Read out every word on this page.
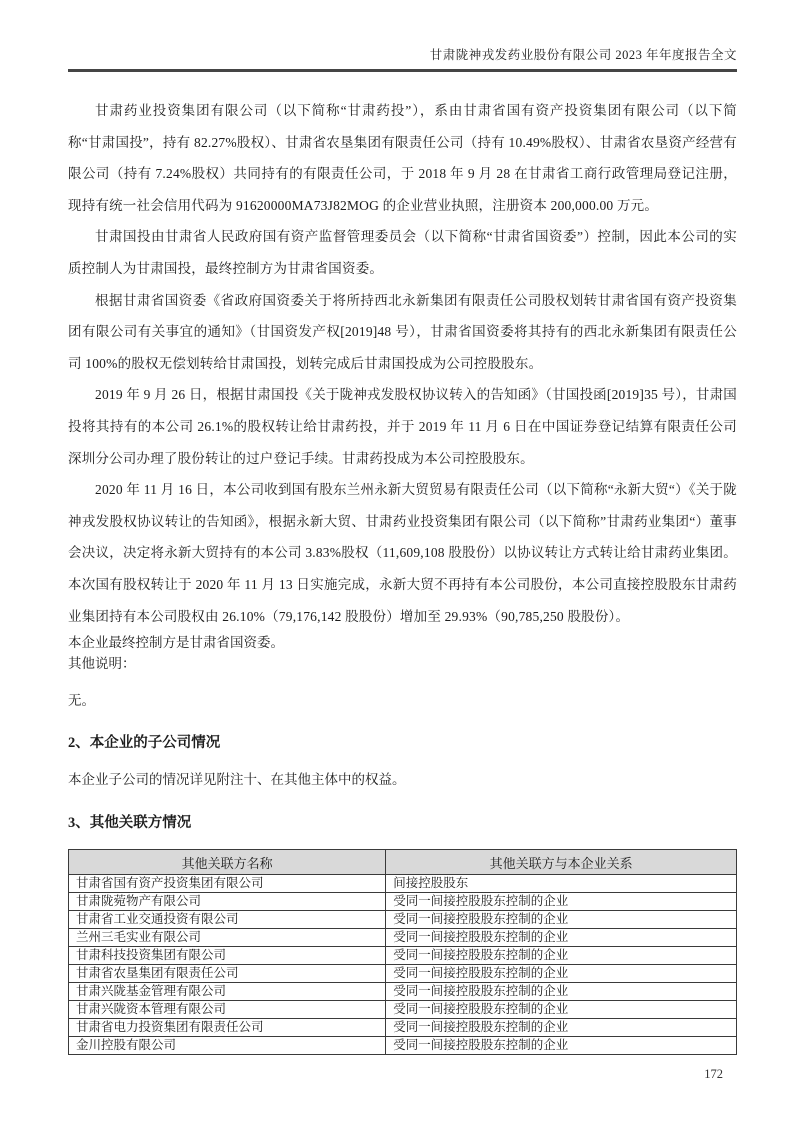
甘肃陇神戎发药业股份有限公司 2023 年年度报告全文

甘肃药业投资集团有限公司（以下简称“甘肃药投”），系由甘肃省国有资产投资集团有限公司（以下简称“甘肃国投”，持有 82.27%股权）、甘肃省农垦集团有限责任公司（持有 10.49%股权）、甘肃省农垦资产经营有限公司（持有 7.24%股权）共同持有的有限责任公司，于 2018 年 9 月 28 在甘肃省工商行政管理局登记注册，现持有统一社会信用代码为 91620000MA73J82MOG 的企业营业执照，注册资本 200,000.00 万元。

甘肃国投由甘肃省人民政府国有资产监督管理委员会（以下简称“甘肃省国资委”）控制，因此本公司的实质控制人为甘肃国投，最终控制方为甘肃省国资委。

根据甘肃省国资委《省政府国资委关于将所持西北永新集团有限责任公司股权划转甘肃省国有资产投资集团有限公司有关事宜的通知》（甘国资发产权[2019]48 号），甘肃省国资委将其持有的西北永新集团有限责任公司 100%的股权无偿划转给甘肃国投，划转完成后甘肃国投成为公司控股股东。

2019 年 9 月 26 日，根据甘肃国投《关于陇神戎发股权协议转入的告知函》（甘国投函[2019]35 号），甘肃国投将其持有的本公司 26.1%的股权转让给甘肃药投，并于 2019 年 11 月 6 日在中国证券登记结算有限责任公司深圳分公司办理了股份转让的过户登记手续。甘肃药投成为本公司控股股东。

2020 年 11 月 16 日，本公司收到国有股东兰州永新大贸贸易有限责任公司（以下简称“永新大贸“）《关于陇神戎发股权协议转让的告知函》，根据永新大贸、甘肃药业投资集团有限公司（以下简称”甘肃药业集团“）董事会决议，决定将永新大贸持有的本公司 3.83%股权（11,609,108 股股份）以协议转让方式转让给甘肃药业集团。本次国有股权转让于 2020 年 11 月 13 日实施完成，永新大贸不再持有本公司股份，本公司直接控股股东甘肃药业集团持有本公司股权由 26.10%（79,176,142 股股份）增加至 29.93%（90,785,250 股股份）。

本企业最终控制方是甘肃省国资委。

其他说明：

无。

2、本企业的子公司情况

本企业子公司的情况详见附注十、在其他主体中的权益。

3、其他关联方情况
其他关联方名称	其他关联方与本企业关系
甘肃省国有资产投资集团有限公司	间接控股股东
甘肃陇菀物产有限公司	受同一间接控股股东控制的企业
甘肃省工业交通投资有限公司	受同一间接控股股东控制的企业
兰州三毛实业有限公司	受同一间接控股股东控制的企业
甘肃科技投资集团有限公司	受同一间接控股股东控制的企业
甘肃省农垦集团有限责任公司	受同一间接控股股东控制的企业
甘肃兴陇基金管理有限公司	受同一间接控股股东控制的企业
甘肃兴陇资本管理有限公司	受同一间接控股股东控制的企业
甘肃省电力投资集团有限责任公司	受同一间接控股股东控制的企业
金川控股有限公司	受同一间接控股股东控制的企业
172
